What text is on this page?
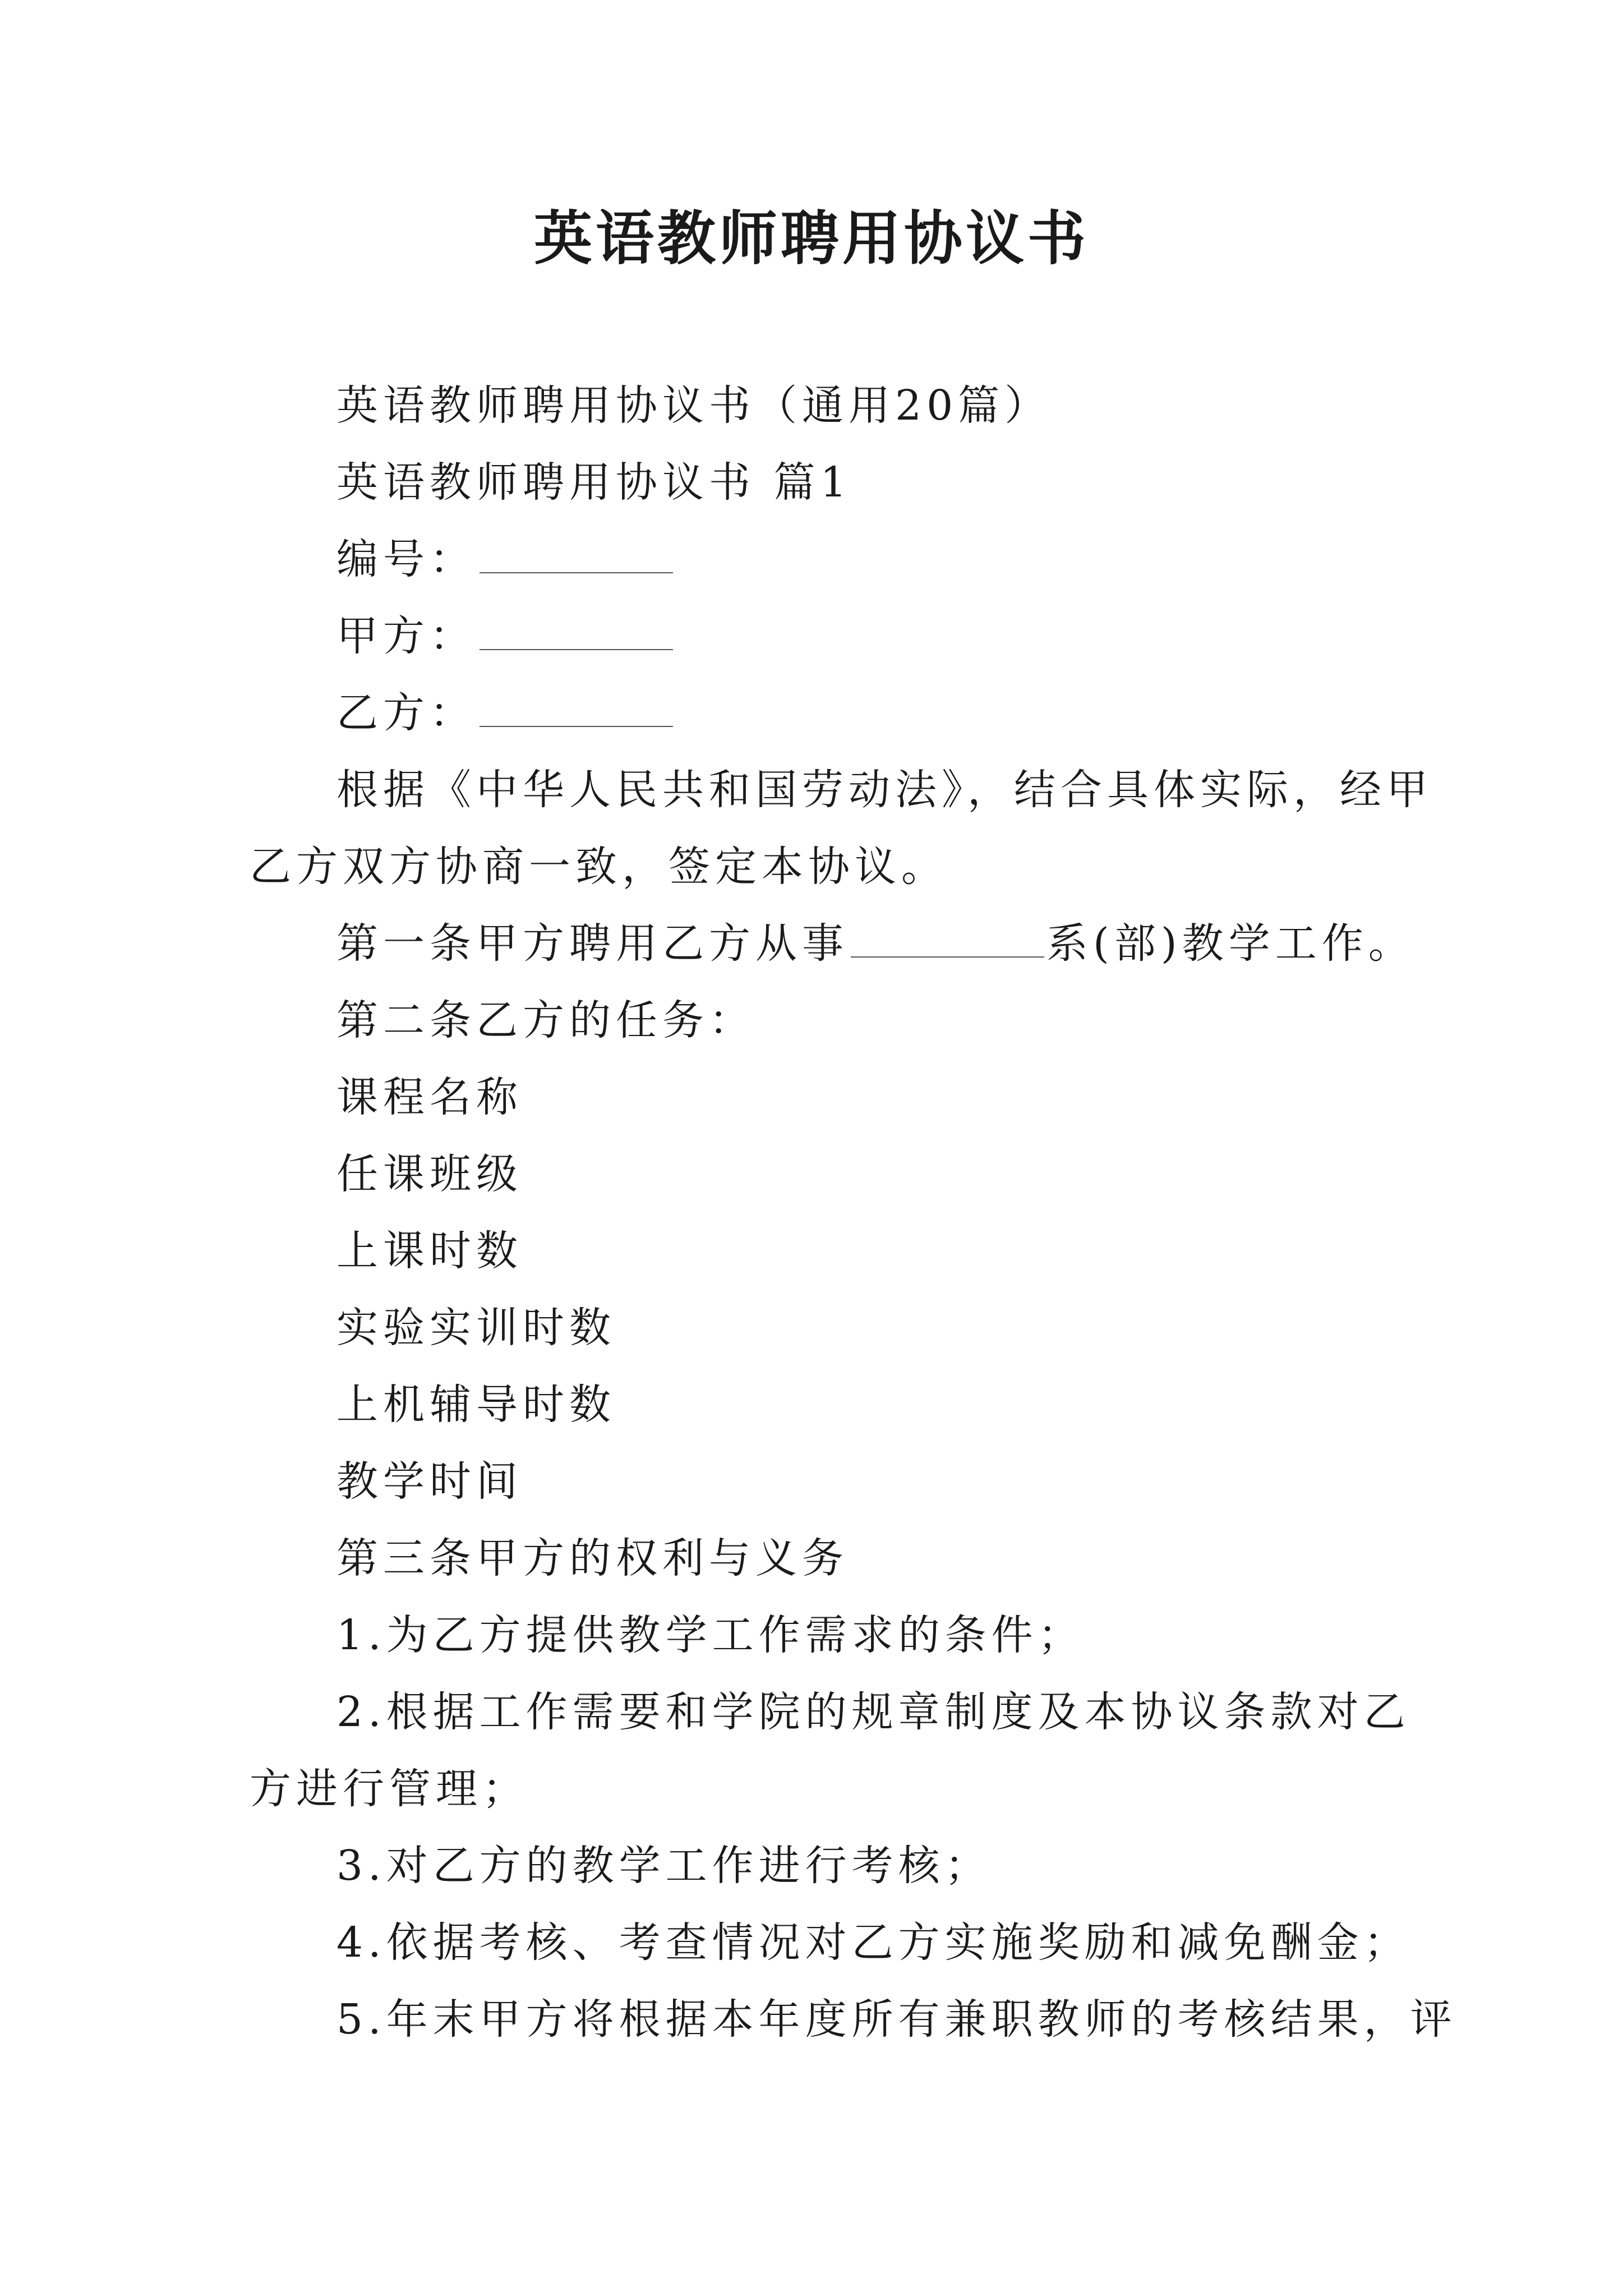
英语教师聘用协议书
英语教师聘用协议书（通用20篇）
英语教师聘用协议书 篇1
编号：
甲方：
乙方：
根据《中华人民共和国劳动法》，结合具体实际，经甲
乙方双方协商一致，签定本协议。
第一条甲方聘用乙方从事	系(部)教学工作。
第二条乙方的任务：
课程名称
任课班级
上课时数
实验实训时数
上机辅导时数
教学时间
第三条甲方的权利与义务
1.为乙方提供教学工作需求的条件；
2.根据工作需要和学院的规章制度及本协议条款对乙
方进行管理；
3.对乙方的教学工作进行考核；
4.依据考核、考查情况对乙方实施奖励和减免酬金；
5.年末甲方将根据本年度所有兼职教师的考核结果，评
